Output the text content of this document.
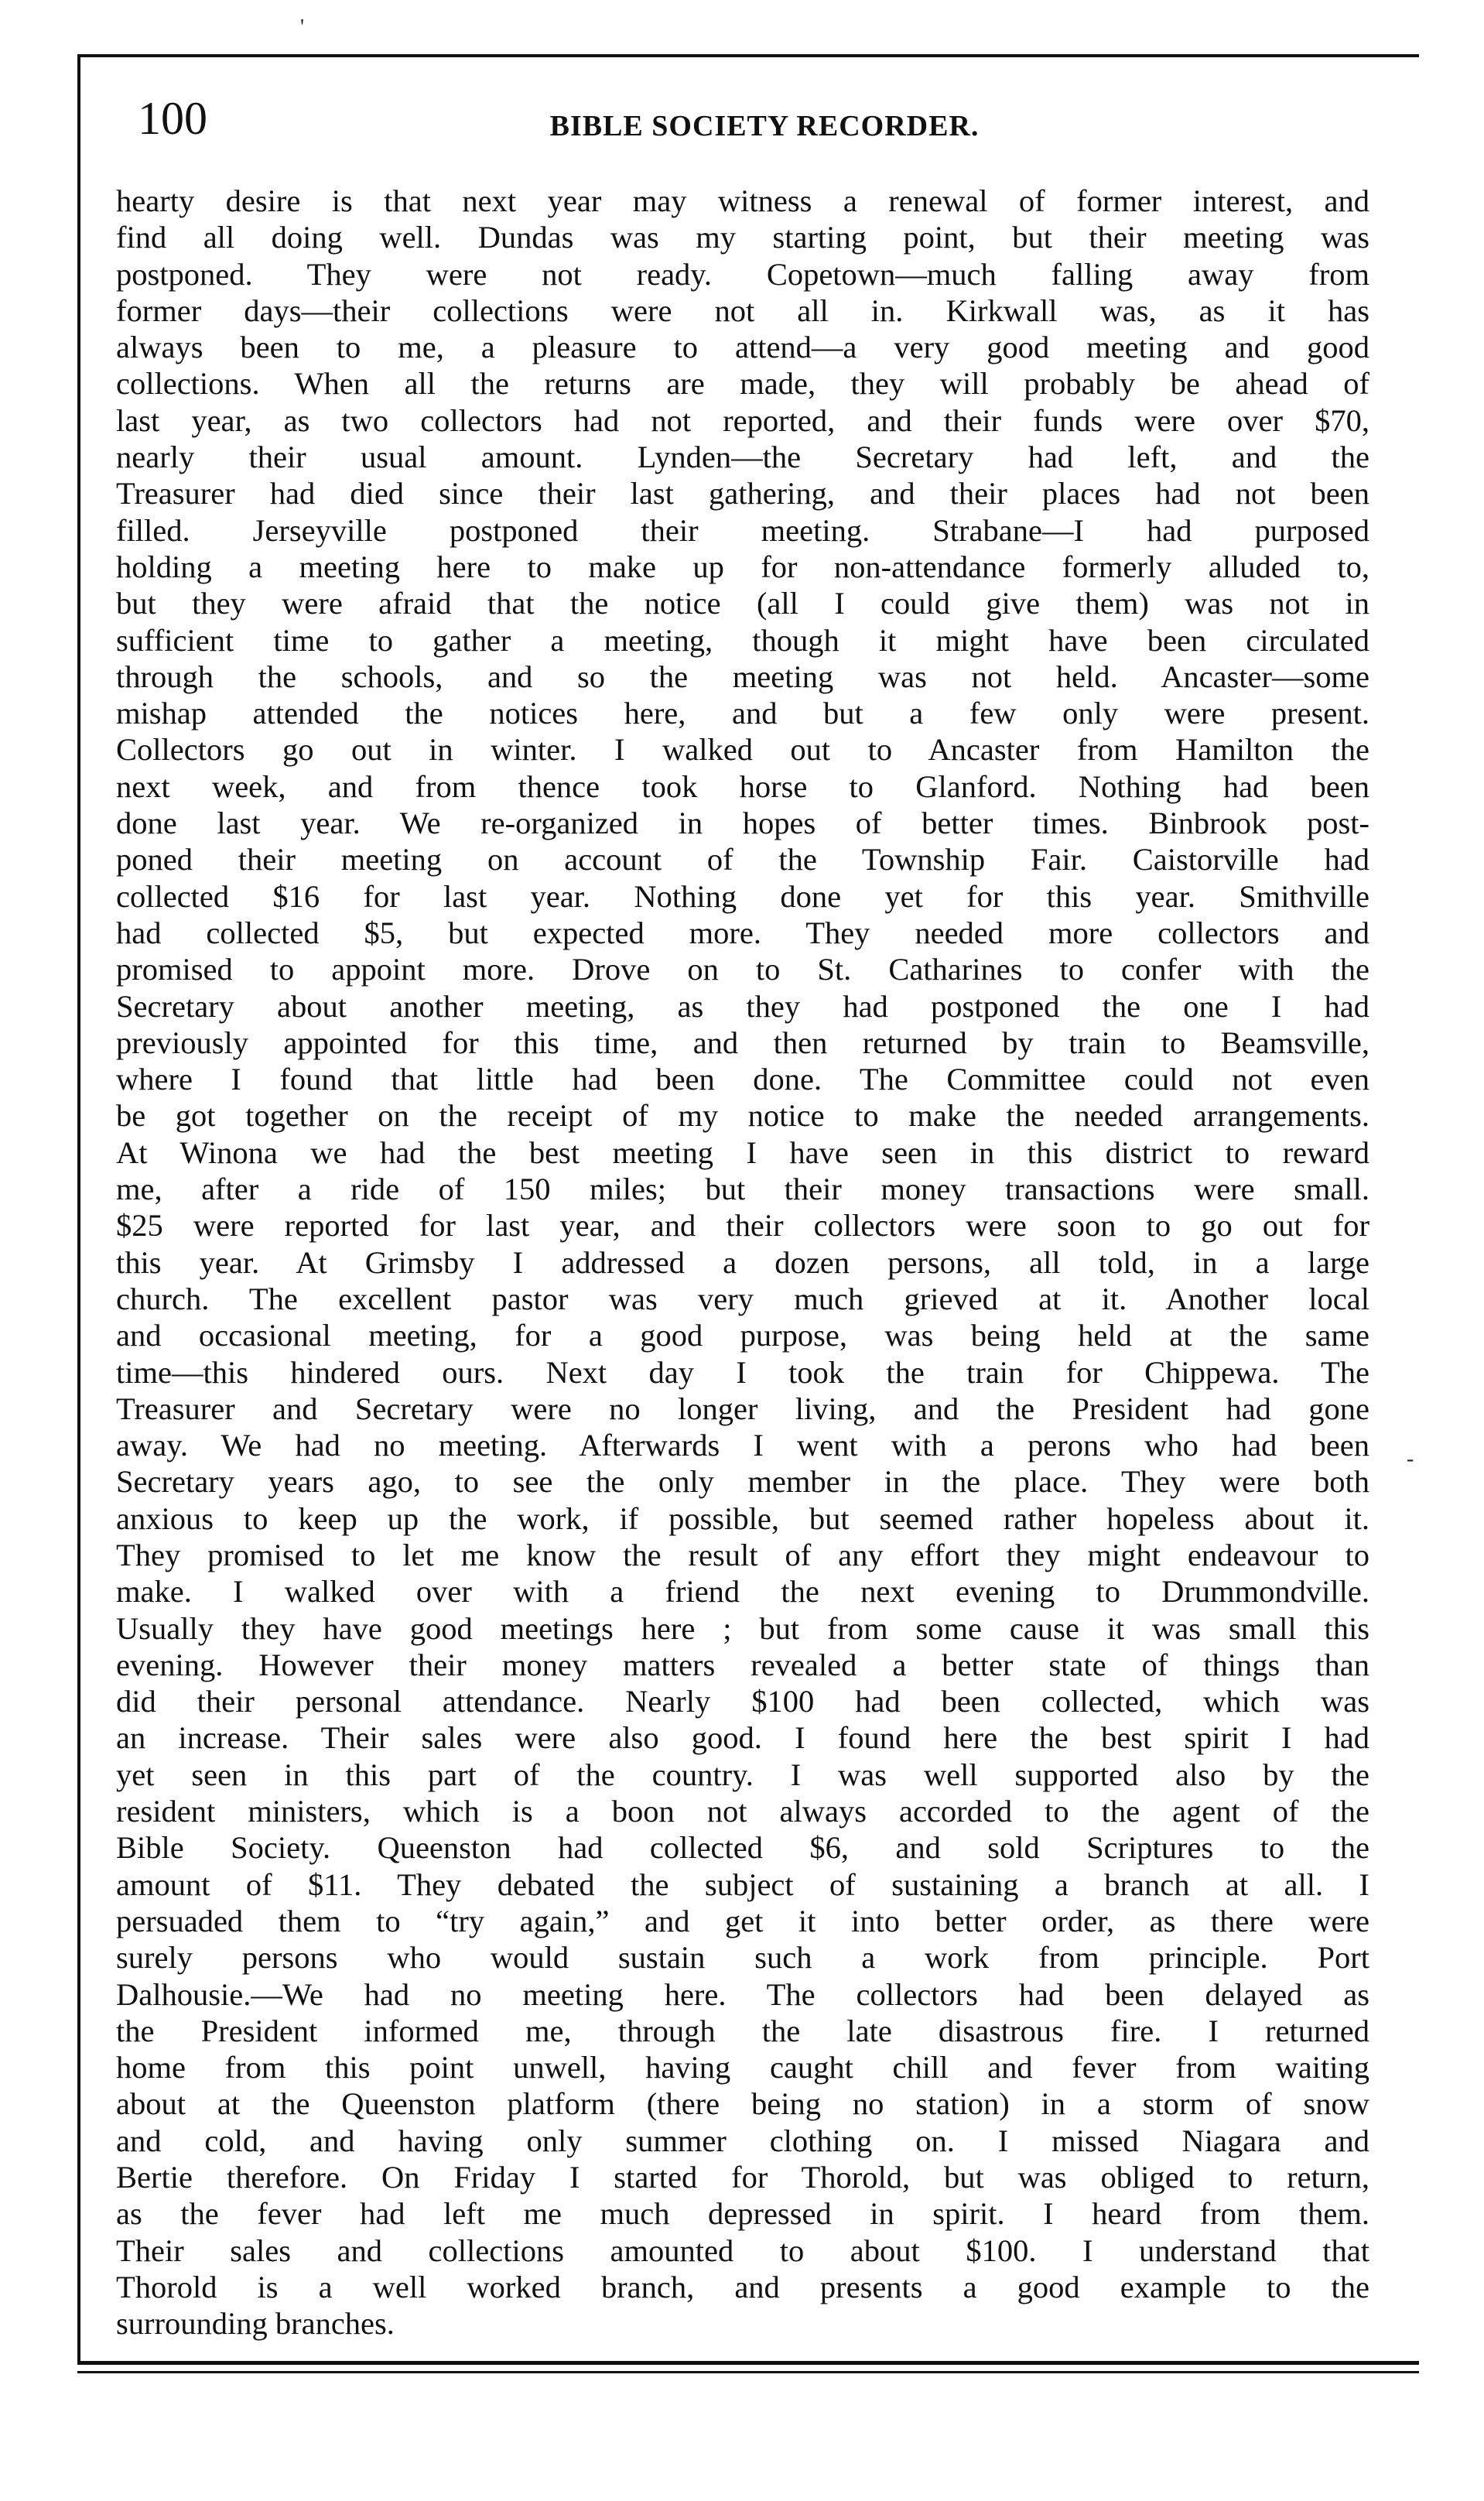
'
-
100	BIBLE SOCIETY RECORDER.
hearty desire is that next year may witness a renewal of former interest, and
find all doing well. Dundas was my starting point, but their meeting was
postponed. They were not ready. Copetown—much falling away from
former days—their collections were not all in. Kirkwall was, as it has
always been to me, a pleasure to attend—a very good meeting and good
collections. When all the returns are made, they will probably be ahead of
last year, as two collectors had not reported, and their funds were over $70,
nearly their usual amount. Lynden—the Secretary had left, and the
Treasurer had died since their last gathering, and their places had not been
filled. Jerseyville postponed their meeting. Strabane—I had purposed
holding a meeting here to make up for non-attendance formerly alluded to,
but they were afraid that the notice (all I could give them) was not in
sufficient time to gather a meeting, though it might have been circulated
through the schools, and so the meeting was not held. Ancaster—some
mishap attended the notices here, and but a few only were present.
Collectors go out in winter. I walked out to Ancaster from Hamilton the
next week, and from thence took horse to Glanford. Nothing had been
done last year. We re-organized in hopes of better times. Binbrook post-
poned their meeting on account of the Township Fair. Caistorville had
collected $16 for last year. Nothing done yet for this year. Smithville
had collected $5, but expected more. They needed more collectors and
promised to appoint more. Drove on to St. Catharines to confer with the
Secretary about another meeting, as they had postponed the one I had
previously appointed for this time, and then returned by train to Beamsville,
where I found that little had been done. The Committee could not even
be got together on the receipt of my notice to make the needed arrangements.
At Winona we had the best meeting I have seen in this district to reward
me, after a ride of 150 miles; but their money transactions were small.
$25 were reported for last year, and their collectors were soon to go out for
this year. At Grimsby I addressed a dozen persons, all told, in a large
church. The excellent pastor was very much grieved at it. Another local
and occasional meeting, for a good purpose, was being held at the same
time—this hindered ours. Next day I took the train for Chippewa. The
Treasurer and Secretary were no longer living, and the President had gone
away. We had no meeting. Afterwards I went with a perons who had been
Secretary years ago, to see the only member in the place. They were both
anxious to keep up the work, if possible, but seemed rather hopeless about it.
They promised to let me know the result of any effort they might endeavour to
make. I walked over with a friend the next evening to Drummondville.
Usually they have good meetings here ; but from some cause it was small this
evening. However their money matters revealed a better state of things than
did their personal attendance. Nearly $100 had been collected, which was
an increase. Their sales were also good. I found here the best spirit I had
yet seen in this part of the country. I was well supported also by the
resident ministers, which is a boon not always accorded to the agent of the
Bible Society. Queenston had collected $6, and sold Scriptures to the
amount of $11. They debated the subject of sustaining a branch at all. I
persuaded them to “try again,” and get it into better order, as there were
surely persons who would sustain such a work from principle. Port
Dalhousie.—We had no meeting here. The collectors had been delayed as
the President informed me, through the late disastrous fire. I returned
home from this point unwell, having caught chill and fever from waiting
about at the Queenston platform (there being no station) in a storm of snow
and cold, and having only summer clothing on. I missed Niagara and
Bertie therefore. On Friday I started for Thorold, but was obliged to return,
as the fever had left me much depressed in spirit. I heard from them.
Their sales and collections amounted to about $100. I understand that
Thorold is a well worked branch, and presents a good example to the
surrounding branches.
